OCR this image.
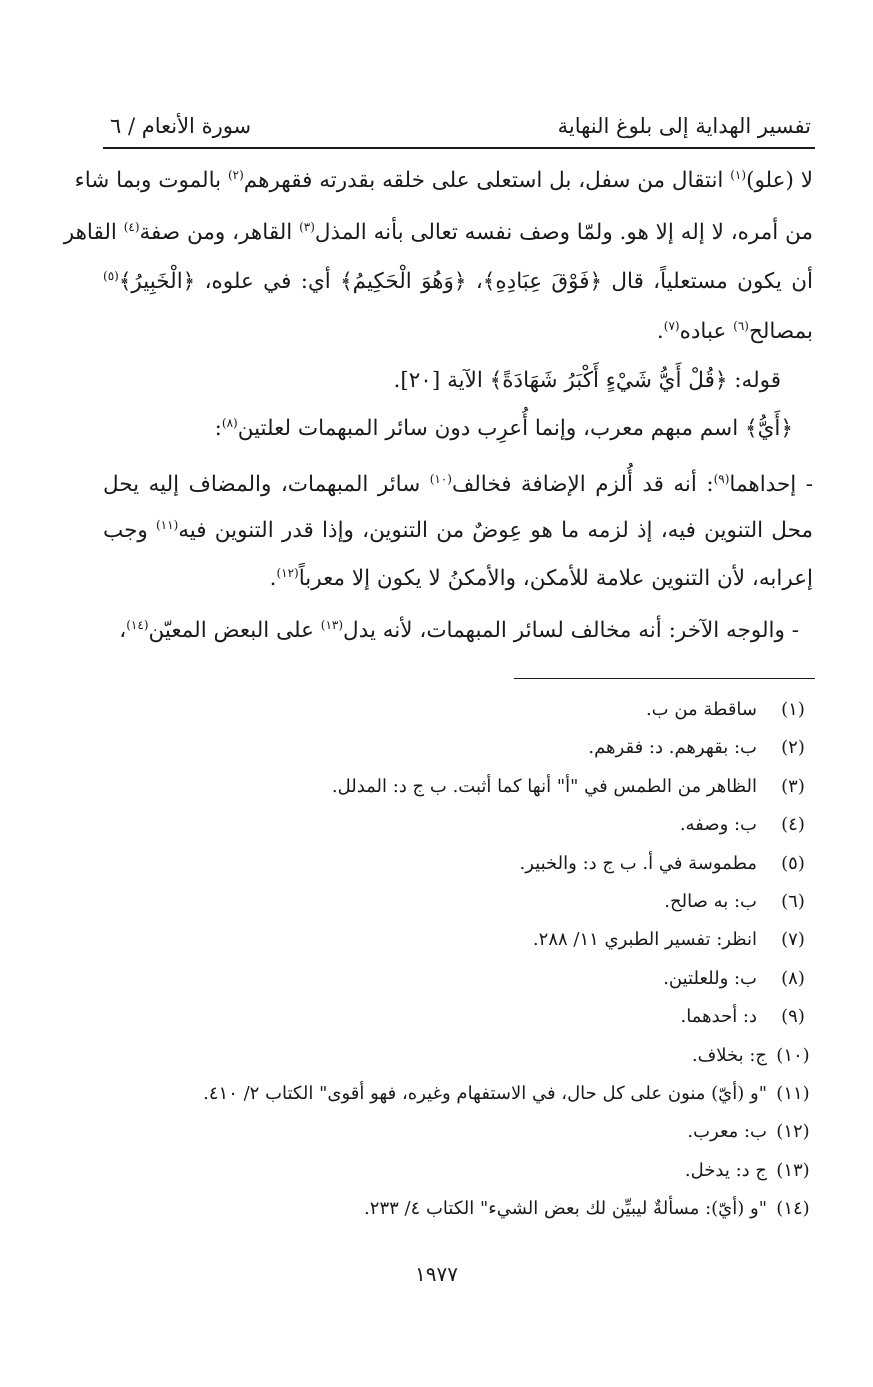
تفسير الهداية إلى بلوغ النهاية
سورة الأنعام / ٦
لا (علو)$^{(١)}$ انتقال من سفل، بل استعلى على خلقه بقدرته فقهرهم$^{(٢)}$ بالموت وبما شاء
من أمره، لا إله إلا هو. ولمّا وصف نفسه تعالى بأنه المذل$^{(٣)}$ القاهر، ومن صفة$^{(٤)}$ القاهر
أن يكون مستعلياً، قال ﴿فَوْقَ عِبَادِهِ﴾، ﴿وَهُوَ الْحَكِيمُ﴾ أي: في علوه، ﴿الْخَبِيرُ﴾$^{(٥)}$
بمصالح$^{(٦)}$ عباده$^{(٧)}$.
قوله: ﴿قُلْ أَيُّ شَيْءٍ أَكْبَرُ شَهَادَةً﴾ الآية [٢٠].
﴿أَيُّ﴾ اسم مبهم معرب، وإنما أُعرِب دون سائر المبهمات لعلتين$^{(٨)}$:
- إحداهما$^{(٩)}$: أنه قد أُلزم الإضافة فخالف$^{(١٠)}$ سائر المبهمات، والمضاف إليه يحل
محل التنوين فيه، إذ لزمه ما هو عِوضٌ من التنوين، وإذا قدر التنوين فيه$^{(١١)}$ وجب
إعرابه، لأن التنوين علامة للأمكن، والأمكنُ لا يكون إلا معرباً$^{(١٢)}$.
- والوجه الآخر: أنه مخالف لسائر المبهمات، لأنه يدل$^{(١٣)}$ على البعض المعيّن$^{(١٤)}$،
(١)
ساقطة من ب.
(٢)
ب: بقهرهم. د: فقرهم.
(٣)
الظاهر من الطمس في "أ" أنها كما أثبت. ب ج د: المدلل.
(٤)
ب: وصفه.
(٥)
مطموسة في أ. ب ج د: والخبير.
(٦)
ب: به صالح.
(٧)
انظر: تفسير الطبري ١١/ ٢٨٨.
(٨)
ب: وللعلتين.
(٩)
د: أحدهما.
(١٠)
ج: بخلاف.
(١١)
"و (أيّ) منون على كل حال، في الاستفهام وغيره، فهو أقوى" الكتاب ٢/ ٤١٠.
(١٢)
ب: معرب.
(١٣)
ج د: يدخل.
(١٤)
"و (أيّ): مسألةٌ ليبيِّن لك بعض الشيء" الكتاب ٤/ ٢٣٣.
١٩٧٧
